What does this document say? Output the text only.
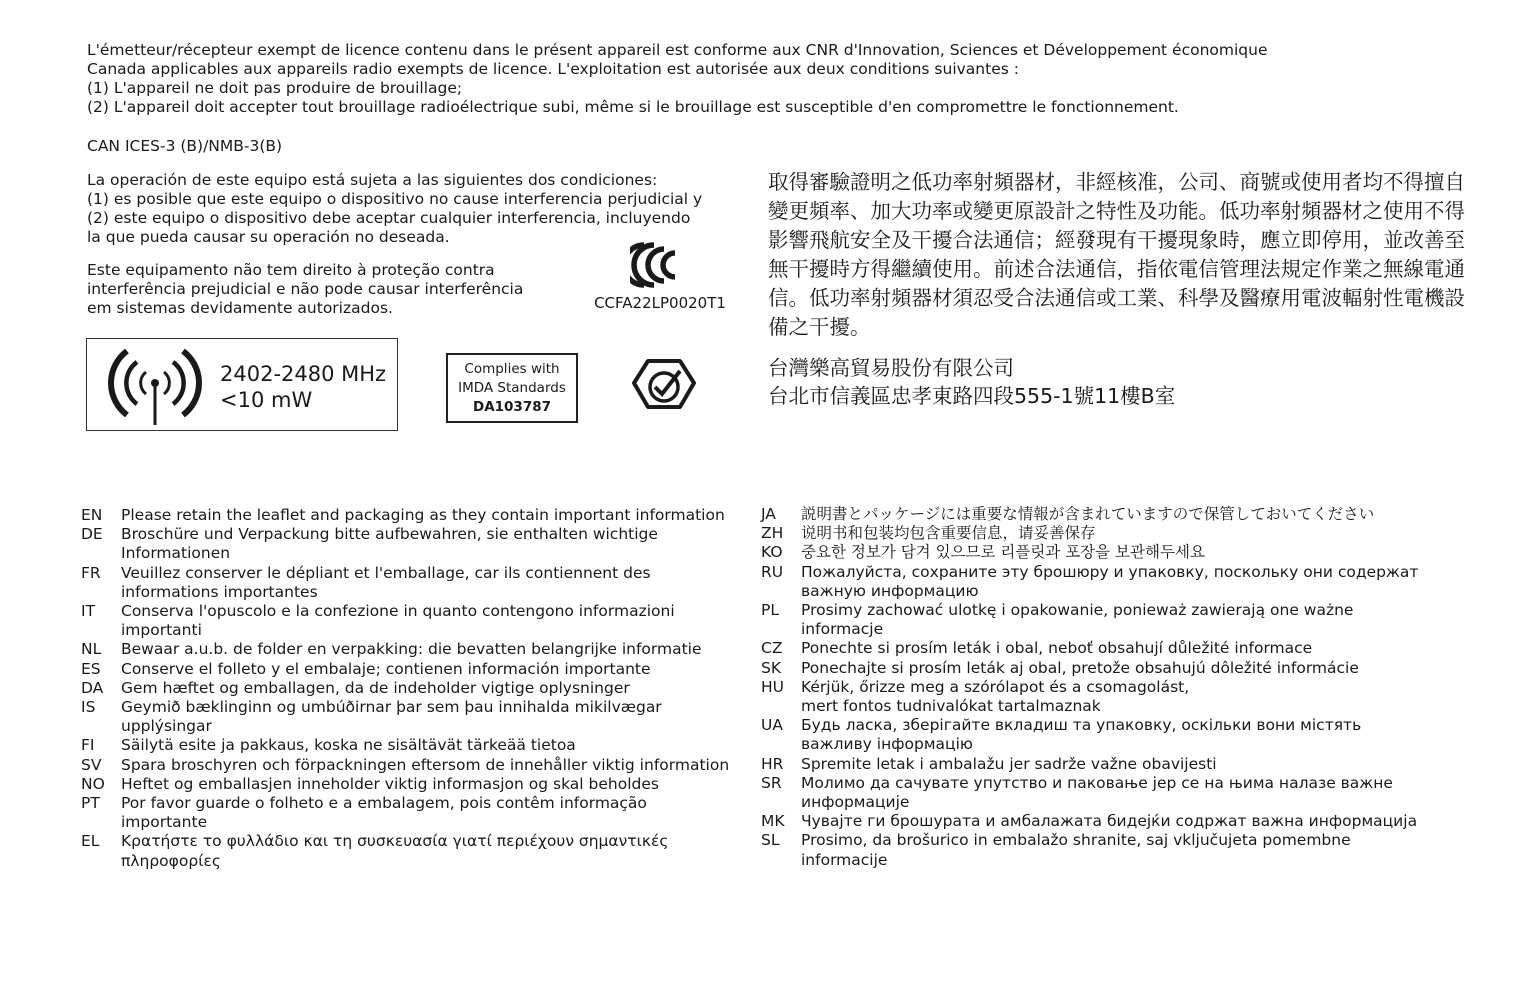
L'émetteur/récepteur exempt de licence contenu dans le présent appareil est conforme aux CNR d'Innovation, Sciences et Développement économique
Canada applicables aux appareils radio exempts de licence. L'exploitation est autorisée aux deux conditions suivantes :
(1) L'appareil ne doit pas produire de brouillage;
(2) L'appareil doit accepter tout brouillage radioélectrique subi, même si le brouillage est susceptible d'en compromettre le fonctionnement.

CAN ICES-3 (B)/NMB-3(B)

La operación de este equipo está sujeta a las siguientes dos condiciones:
(1) es posible que este equipo o dispositivo no cause interferencia perjudicial y
(2) este equipo o dispositivo debe aceptar cualquier interferencia, incluyendo
la que pueda causar su operación no deseada.

Este equipamento não tem direito à proteção contra
interferência prejudicial e não pode causar interferência
em sistemas devidamente autorizados.	CCFA22LP0020T1
2402-2480 MHz
<10 mW
Complies with
IMDA Standards
DA103787

取得審驗證明之低功率射頻器材，非經核准，公司、商號或使用者均不得擅自變更頻率、加大功率或變更原設計之特性及功能。低功率射頻器材之使用不得影響飛航安全及干擾合法通信；經發現有干擾現象時，應立即停用，並改善至無干擾時方得繼續使用。前述合法通信，指依電信管理法規定作業之無線電通信。低功率射頻器材須忍受合法通信或工業、科學及醫療用電波輻射性電機設備之干擾。

台灣樂高貿易股份有限公司
台北市信義區忠孝東路四段555-1號11樓B室

EN	Please retain the leaflet and packaging as they contain important information
DE	Broschüre und Verpackung bitte aufbewahren, sie enthalten wichtige Informationen
FR	Veuillez conserver le dépliant et l'emballage, car ils contiennent des informations importantes
IT	Conserva l'opuscolo e la confezione in quanto contengono informazioni importanti
NL	Bewaar a.u.b. de folder en verpakking: die bevatten belangrijke informatie
ES	Conserve el folleto y el embalaje; contienen información importante
DA	Gem hæftet og emballagen, da de indeholder vigtige oplysninger
IS	Geymið bæklinginn og umbúðirnar þar sem þau innihalda mikilvægar upplýsingar
FI	Säilytä esite ja pakkaus, koska ne sisältävät tärkeää tietoa
SV	Spara broschyren och förpackningen eftersom de innehåller viktig information
NO	Heftet og emballasjen inneholder viktig informasjon og skal beholdes
PT	Por favor guarde o folheto e a embalagem, pois contêm informação importante
EL	Κρατήστε το φυλλάδιο και τη συσκευασία γιατί περιέχουν σημαντικές πληροφορίες
JA	説明書とパッケージには重要な情報が含まれていますので保管しておいてください
ZH	说明书和包装均包含重要信息，请妥善保存
KO	중요한 정보가 담겨 있으므로 리플릿과 포장을 보관해두세요
RU	Пожалуйста, сохраните эту брошюру и упаковку, поскольку они содержат важную информацию
PL	Prosimy zachować ulotkę i opakowanie, ponieważ zawierają one ważne informacje
CZ	Ponechte si prosím leták i obal, neboť obsahují důležité informace
SK	Ponechajte si prosím leták aj obal, pretože obsahujú dôležité informácie
HU	Kérjük, őrizze meg a szórólapot és a csomagolást,
mert fontos tudnivalókat tartalmaznak
UA	Будь ласка, зберігайте вкладиш та упаковку, оскільки вони містять важливу інформацію
HR	Spremite letak i ambalažu jer sadrže važne obavijesti
SR	Молимо да сачувате упутство и паковање јер се на њима налазе важне информације
MK	Чувајте ги брошурата и амбалажата бидејќи содржат важна информација
SL	Prosimo, da brošurico in embalažo shranite, saj vključujeta pomembne informacije
